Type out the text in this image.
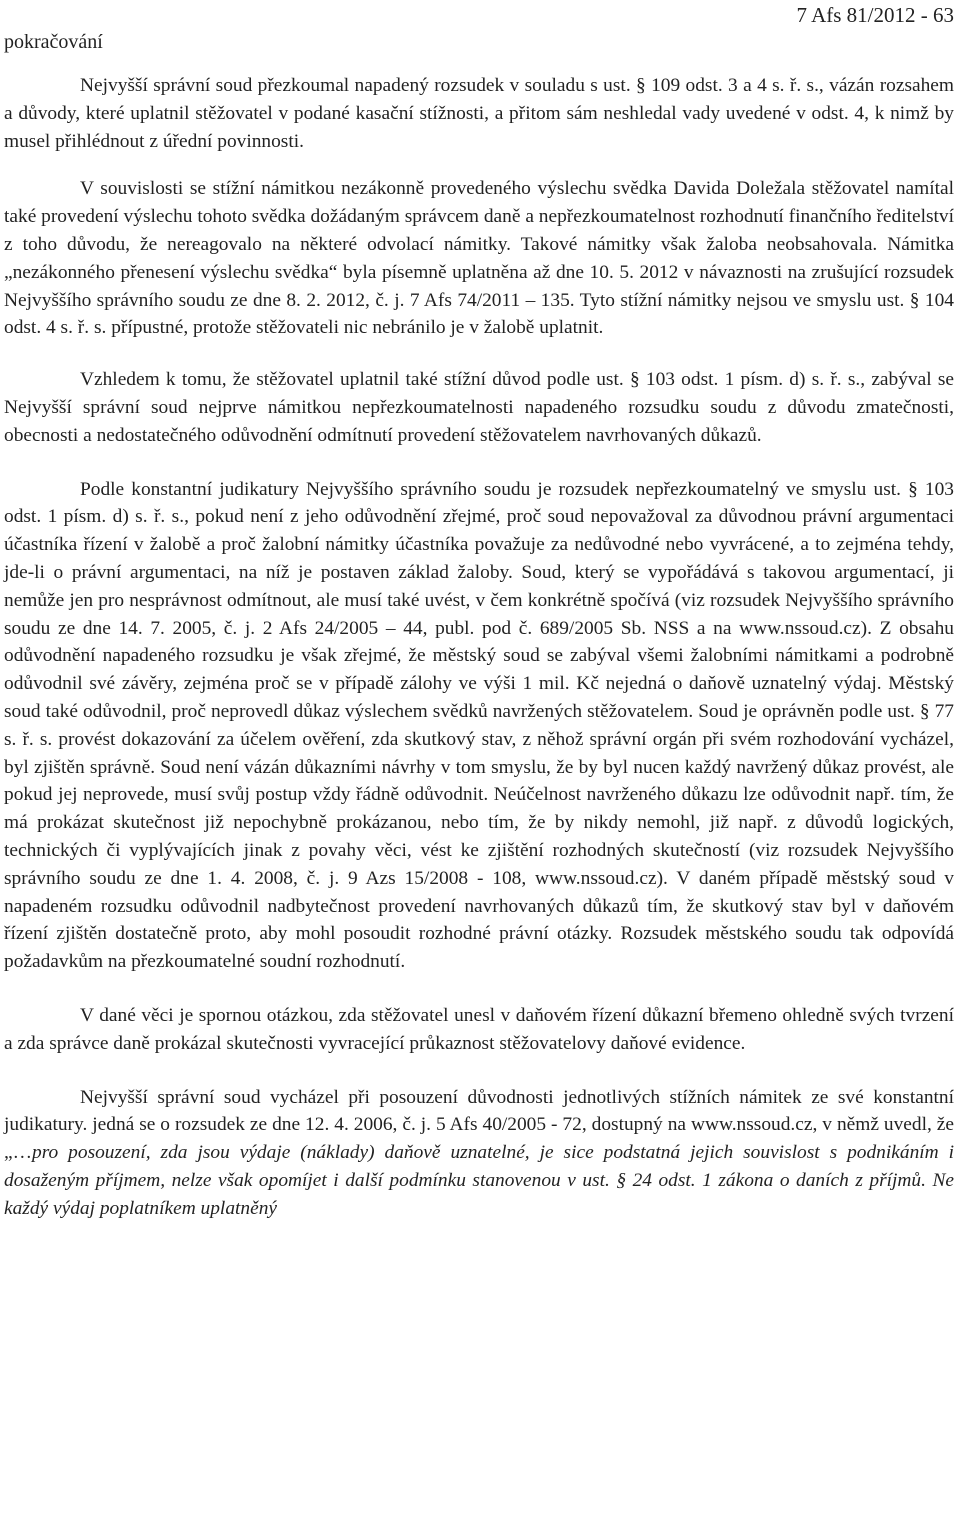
pokračování
7 Afs 81/2012 - 63

Nejvyšší správní soud přezkoumal napadený rozsudek v souladu s ust. § 109 odst. 3 a 4 s. ř. s., vázán rozsahem a důvody, které uplatnil stěžovatel v podané kasační stížnosti, a přitom sám neshledal vady uvedené v odst. 4, k nimž by musel přihlédnout z úřední povinnosti.

V souvislosti se stížní námitkou nezákonně provedeného výslechu svědka Davida Doležala stěžovatel namítal také provedení výslechu tohoto svědka dožádaným správcem daně a nepřezkoumatelnost rozhodnutí finančního ředitelství z toho důvodu, že nereagovalo na některé odvolací námitky. Takové námitky však žaloba neobsahovala. Námitka „nezákonného přenesení výslechu svědka“ byla písemně uplatněna až dne 10. 5. 2012 v návaznosti na zrušující rozsudek Nejvyššího správního soudu ze dne 8. 2. 2012, č. j. 7 Afs 74/2011 – 135. Tyto stížní námitky nejsou ve smyslu ust. § 104 odst. 4 s. ř. s. přípustné, protože stěžovateli nic nebránilo je v žalobě uplatnit.

Vzhledem k tomu, že stěžovatel uplatnil také stížní důvod podle ust. § 103 odst. 1 písm. d) s. ř. s., zabýval se Nejvyšší správní soud nejprve námitkou nepřezkoumatelnosti napadeného rozsudku soudu z důvodu zmatečnosti, obecnosti a nedostatečného odůvodnění odmítnutí provedení stěžovatelem navrhovaných důkazů.

Podle konstantní judikatury Nejvyššího správního soudu je rozsudek nepřezkoumatelný ve smyslu ust. § 103 odst. 1 písm. d) s. ř. s., pokud není z jeho odůvodnění zřejmé, proč soud nepovažoval za důvodnou právní argumentaci účastníka řízení v žalobě a proč žalobní námitky účastníka považuje za nedůvodné nebo vyvrácené, a to zejména tehdy, jde-li o právní argumentaci, na níž je postaven základ žaloby. Soud, který se vypořádává s takovou argumentací, ji nemůže jen pro nesprávnost odmítnout, ale musí také uvést, v čem konkrétně spočívá (viz rozsudek Nejvyššího správního soudu ze dne 14. 7. 2005, č. j. 2 Afs 24/2005 – 44, publ. pod č. 689/2005 Sb. NSS a na www.nssoud.cz). Z obsahu odůvodnění napadeného rozsudku je však zřejmé, že městský soud se zabýval všemi žalobními námitkami a podrobně odůvodnil své závěry, zejména proč se v případě zálohy ve výši 1 mil. Kč nejedná o daňově uznatelný výdaj. Městský soud také odůvodnil, proč neprovedl důkaz výslechem svědků navržených stěžovatelem. Soud je oprávněn podle ust. § 77 s. ř. s. provést dokazování za účelem ověření, zda skutkový stav, z něhož správní orgán při svém rozhodování vycházel, byl zjištěn správně. Soud není vázán důkazními návrhy v tom smyslu, že by byl nucen každý navržený důkaz provést, ale pokud jej neprovede, musí svůj postup vždy řádně odůvodnit. Neúčelnost navrženého důkazu lze odůvodnit např. tím, že má prokázat skutečnost již nepochybně prokázanou, nebo tím, že by nikdy nemohl, již např. z důvodů logických, technických či vyplývajících jinak z povahy věci, vést ke zjištění rozhodných skutečností (viz rozsudek Nejvyššího správního soudu ze dne 1. 4. 2008, č. j. 9 Azs 15/2008 - 108, www.nssoud.cz). V daném případě městský soud v napadeném rozsudku odůvodnil nadbytečnost provedení navrhovaných důkazů tím, že skutkový stav byl v daňovém řízení zjištěn dostatečně proto, aby mohl posoudit rozhodné právní otázky. Rozsudek městského soudu tak odpovídá požadavkům na přezkoumatelné soudní rozhodnutí.

V dané věci je spornou otázkou, zda stěžovatel unesl v daňovém řízení důkazní břemeno ohledně svých tvrzení a zda správce daně prokázal skutečnosti vyvracející průkaznost stěžovatelovy daňové evidence.

Nejvyšší správní soud vycházel při posouzení důvodnosti jednotlivých stížních námitek ze své konstantní judikatury. jedná se o rozsudek ze dne 12. 4. 2006, č. j. 5 Afs 40/2005 - 72, dostupný na www.nssoud.cz, v němž uvedl, že „…pro posouzení, zda jsou výdaje (náklady) daňově uznatelné, je sice podstatná jejich souvislost s podnikáním i dosaženým příjmem, nelze však opomíjet i další podmínku stanovenou v ust. § 24 odst. 1 zákona o daních z příjmů. Ne každý výdaj poplatníkem uplatněný
